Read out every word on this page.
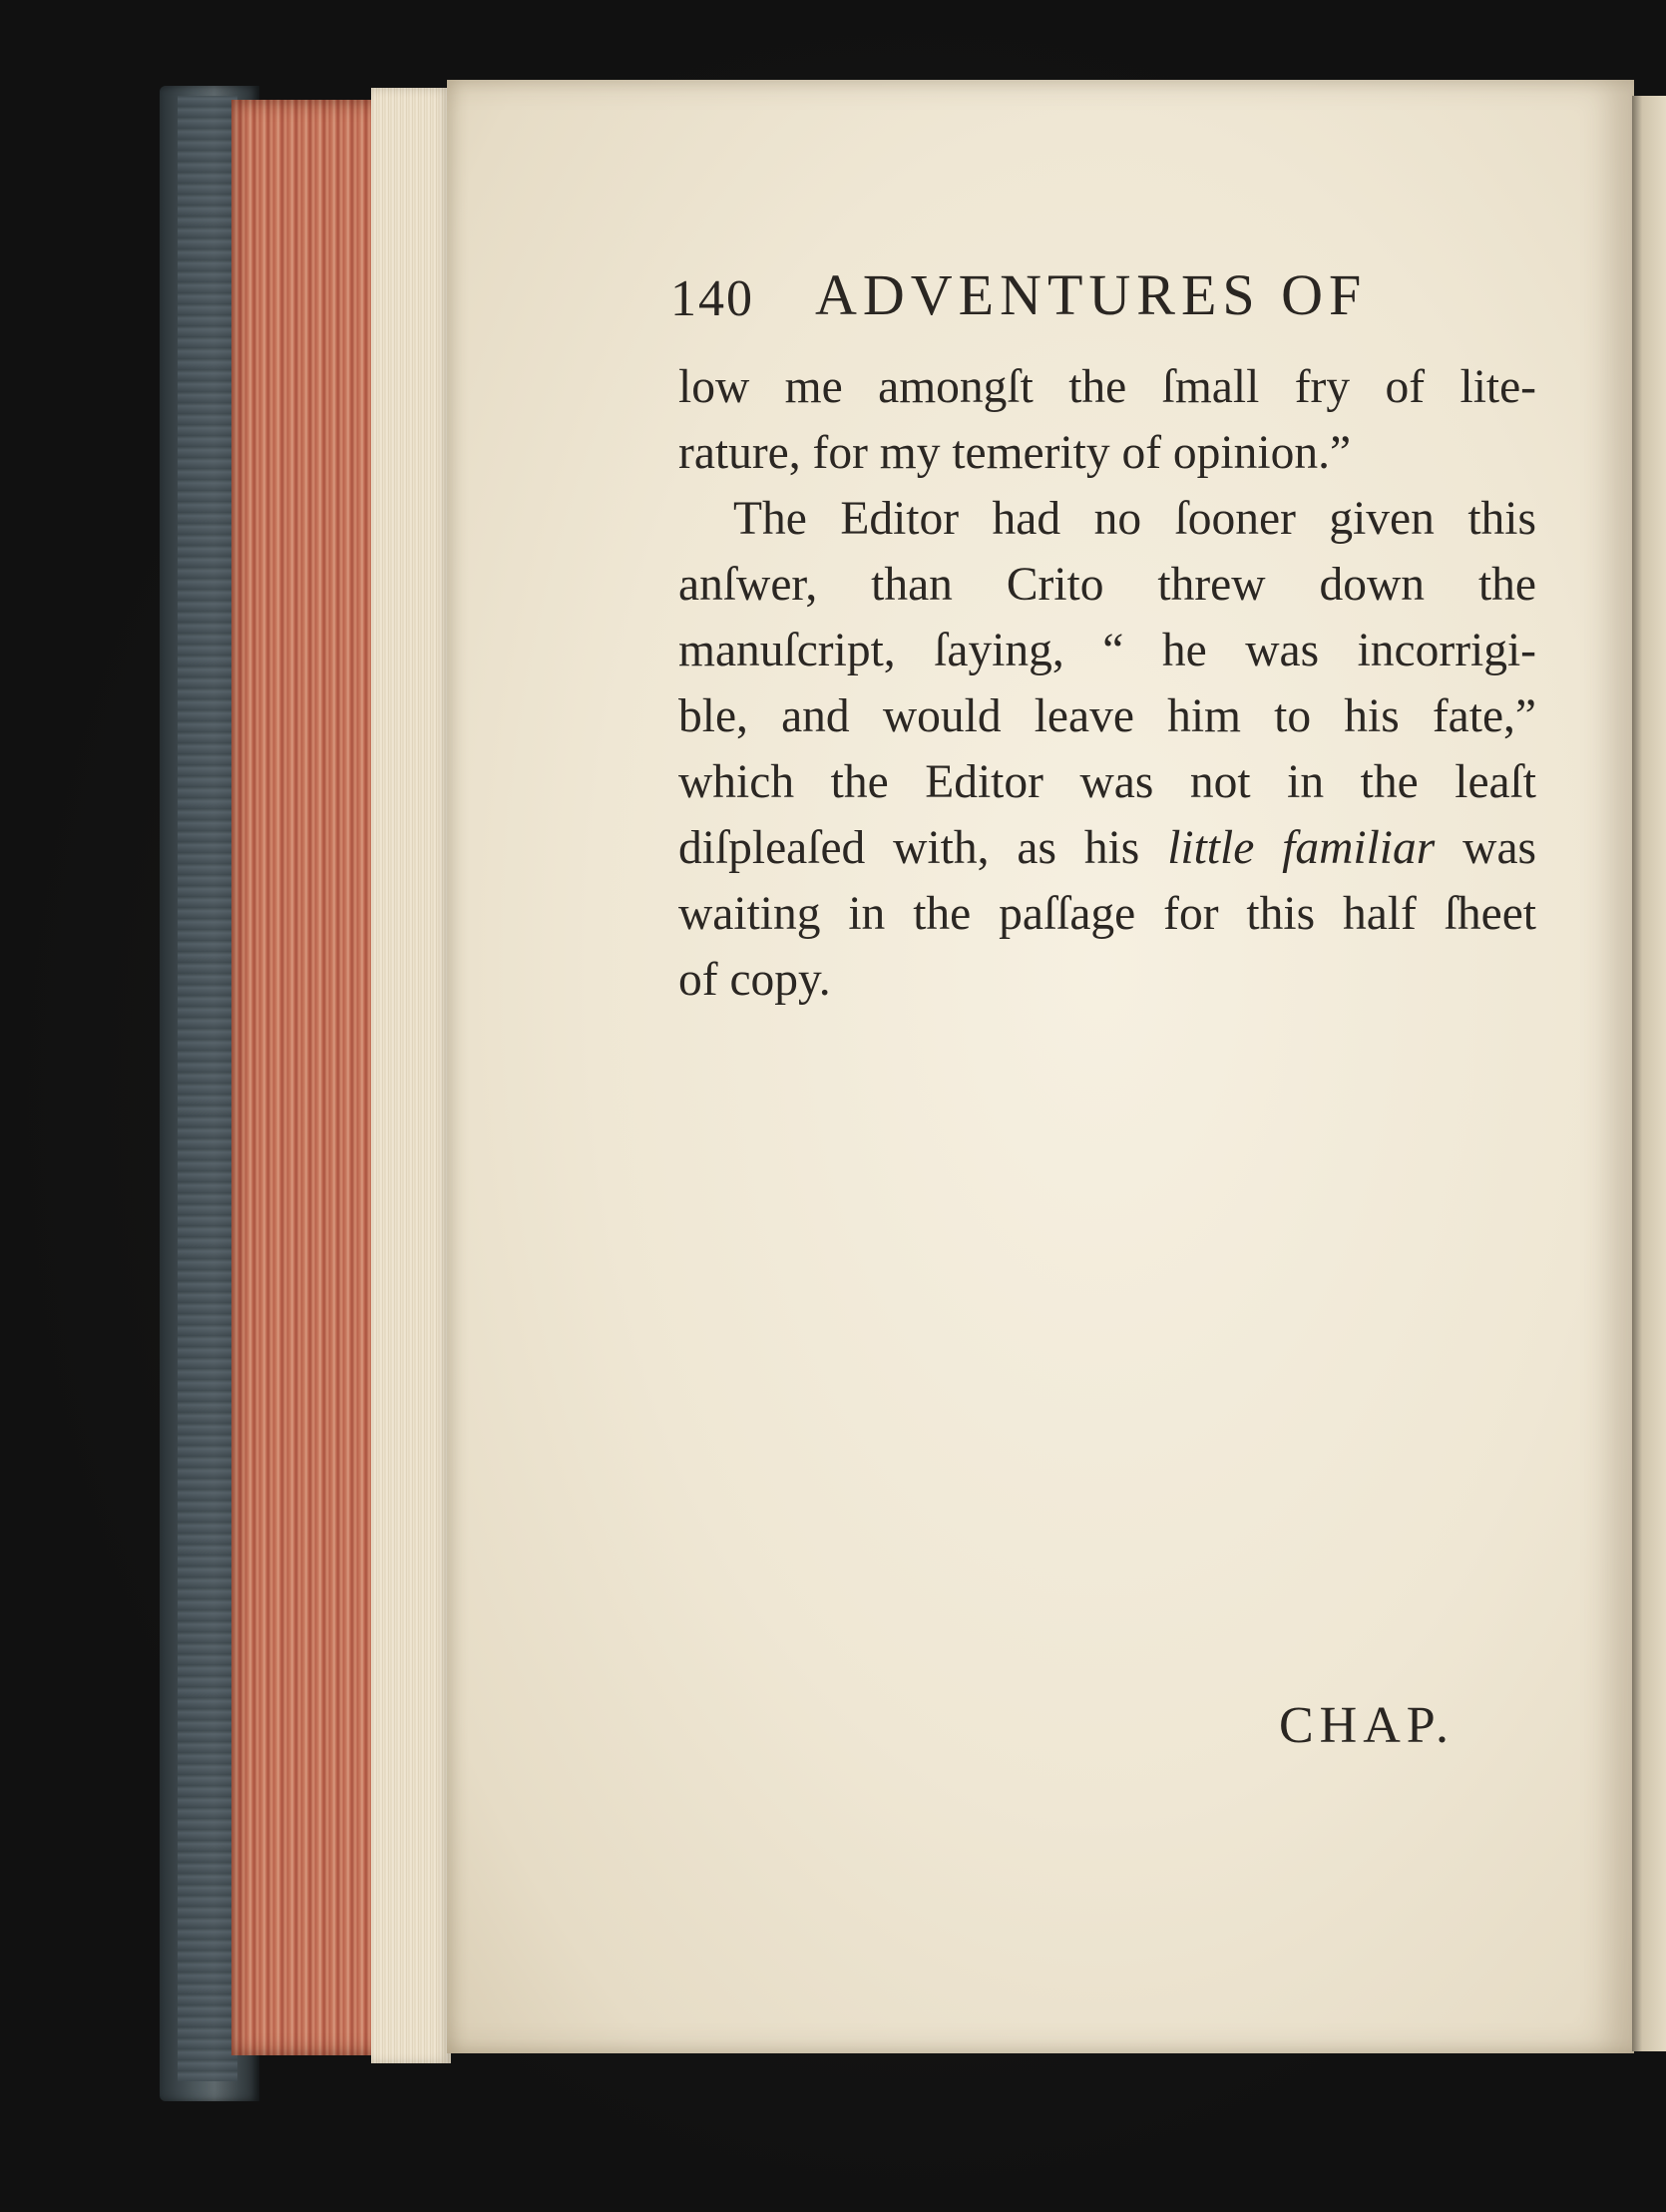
140 ADVENTURES OF
low me amongſt the ſmall fry of lite-
rature, for my temerity of opinion.”
The Editor had no ſooner given this
anſwer, than Crito threw down the
manuſcript, ſaying, “ he was incorrigi-
ble, and would leave him to his fate,”
which the Editor was not in the leaſt
diſpleaſed with, as his little familiar was
waiting in the paſſage for this half ſheet
of copy.
CHAP.
